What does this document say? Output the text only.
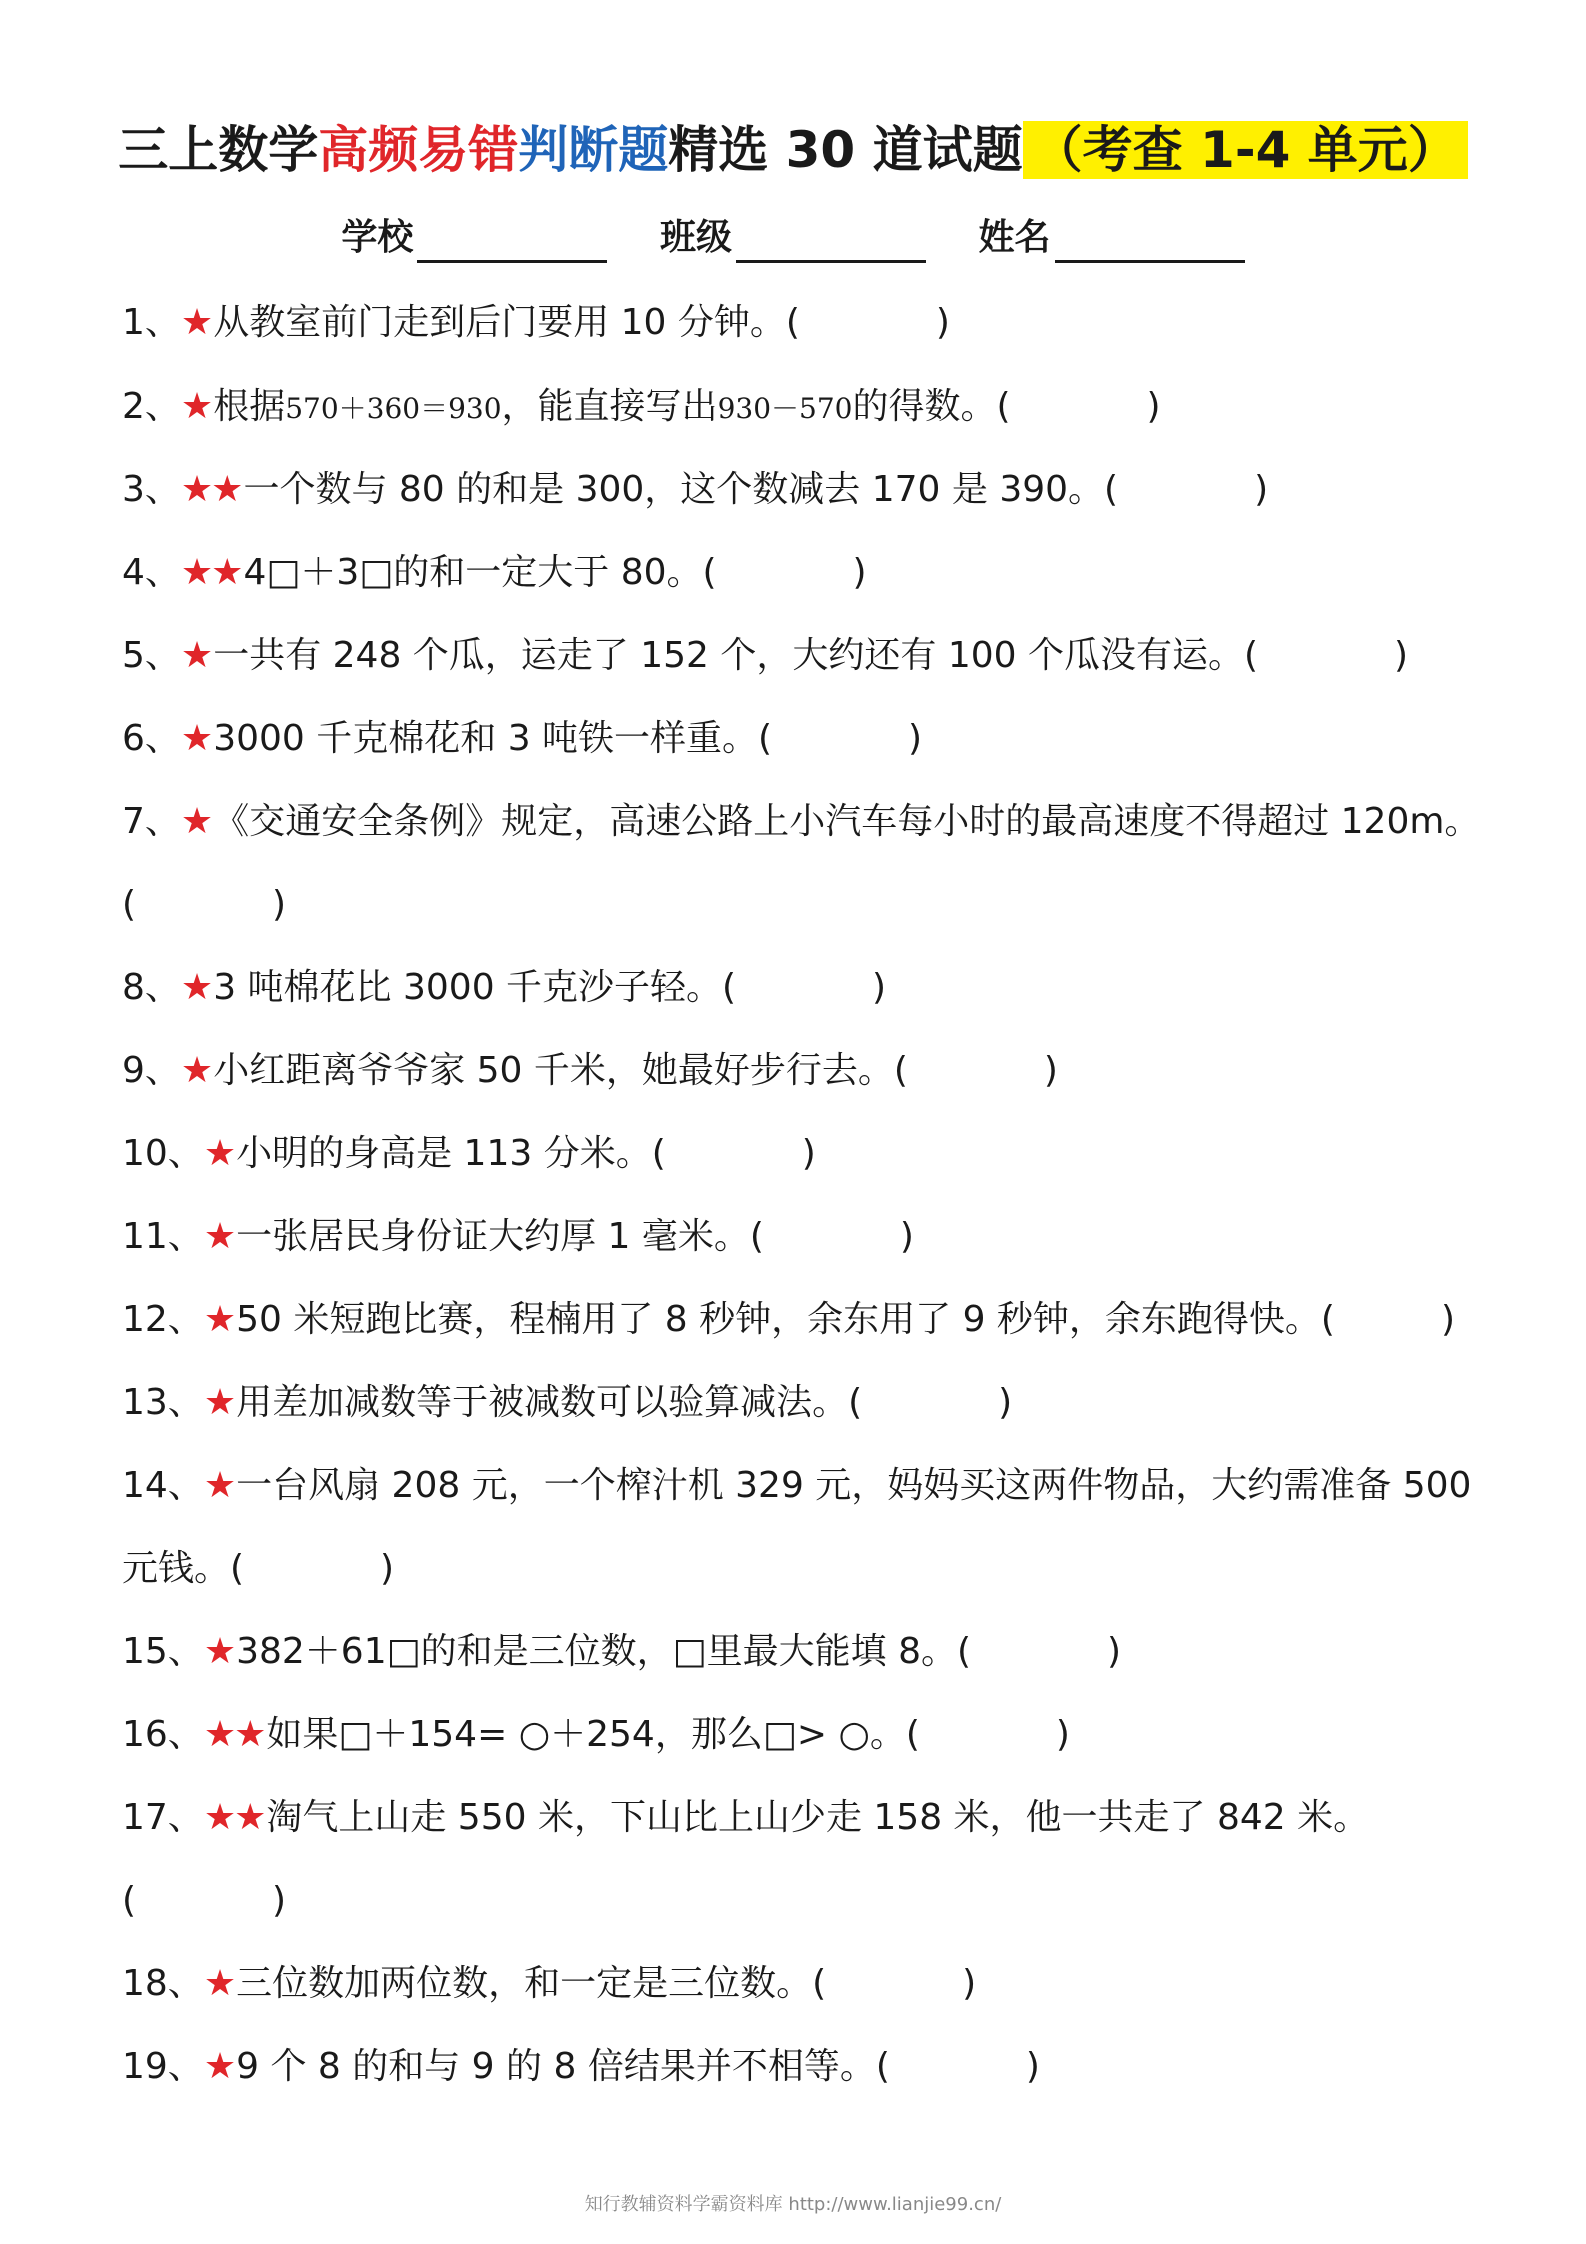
三上数学高频易错判断题精选 30 道试题 （考查 1-4 单元）
学校	班级	姓名
1、★从教室前门走到后门要用 10 分钟。(	)
2、★根据570＋360＝930，能直接写出930－570的得数。(	)
3、★★一个数与 80 的和是 300，这个数减去 170 是 390。(	)
4、★★4□＋3□的和一定大于 80。(	)
5、★一共有 248 个瓜，运走了 152 个，大约还有 100 个瓜没有运。(	)
6、★3000 千克棉花和 3 吨铁一样重。(	)
7、★《交通安全条例》规定，高速公路上小汽车每小时的最高速度不得超过 120m。
(	)
8、★3 吨棉花比 3000 千克沙子轻。(	)
9、★小红距离爷爷家 50 千米，她最好步行去。(	)
10、★小明的身高是 113 分米。(	)
11、★一张居民身份证大约厚 1 毫米。(	)
12、★50 米短跑比赛，程楠用了 8 秒钟，余东用了 9 秒钟，余东跑得快。(	)
13、★用差加减数等于被减数可以验算减法。(	)
14、★一台风扇 208 元，一个榨汁机 329 元，妈妈买这两件物品，大约需准备 500
元钱。(	)
15、★382＋61□的和是三位数，□里最大能填 8。(	)
16、★★如果□＋154= ○＋254，那么□> ○。(	)
17、★★淘气上山走 550 米，下山比上山少走 158 米，他一共走了 842 米。
(	)
18、★三位数加两位数，和一定是三位数。(	)
19、★9 个 8 的和与 9 的 8 倍结果并不相等。(	)
知行教辅资料学霸资料库 http://www.lianjie99.cn/
